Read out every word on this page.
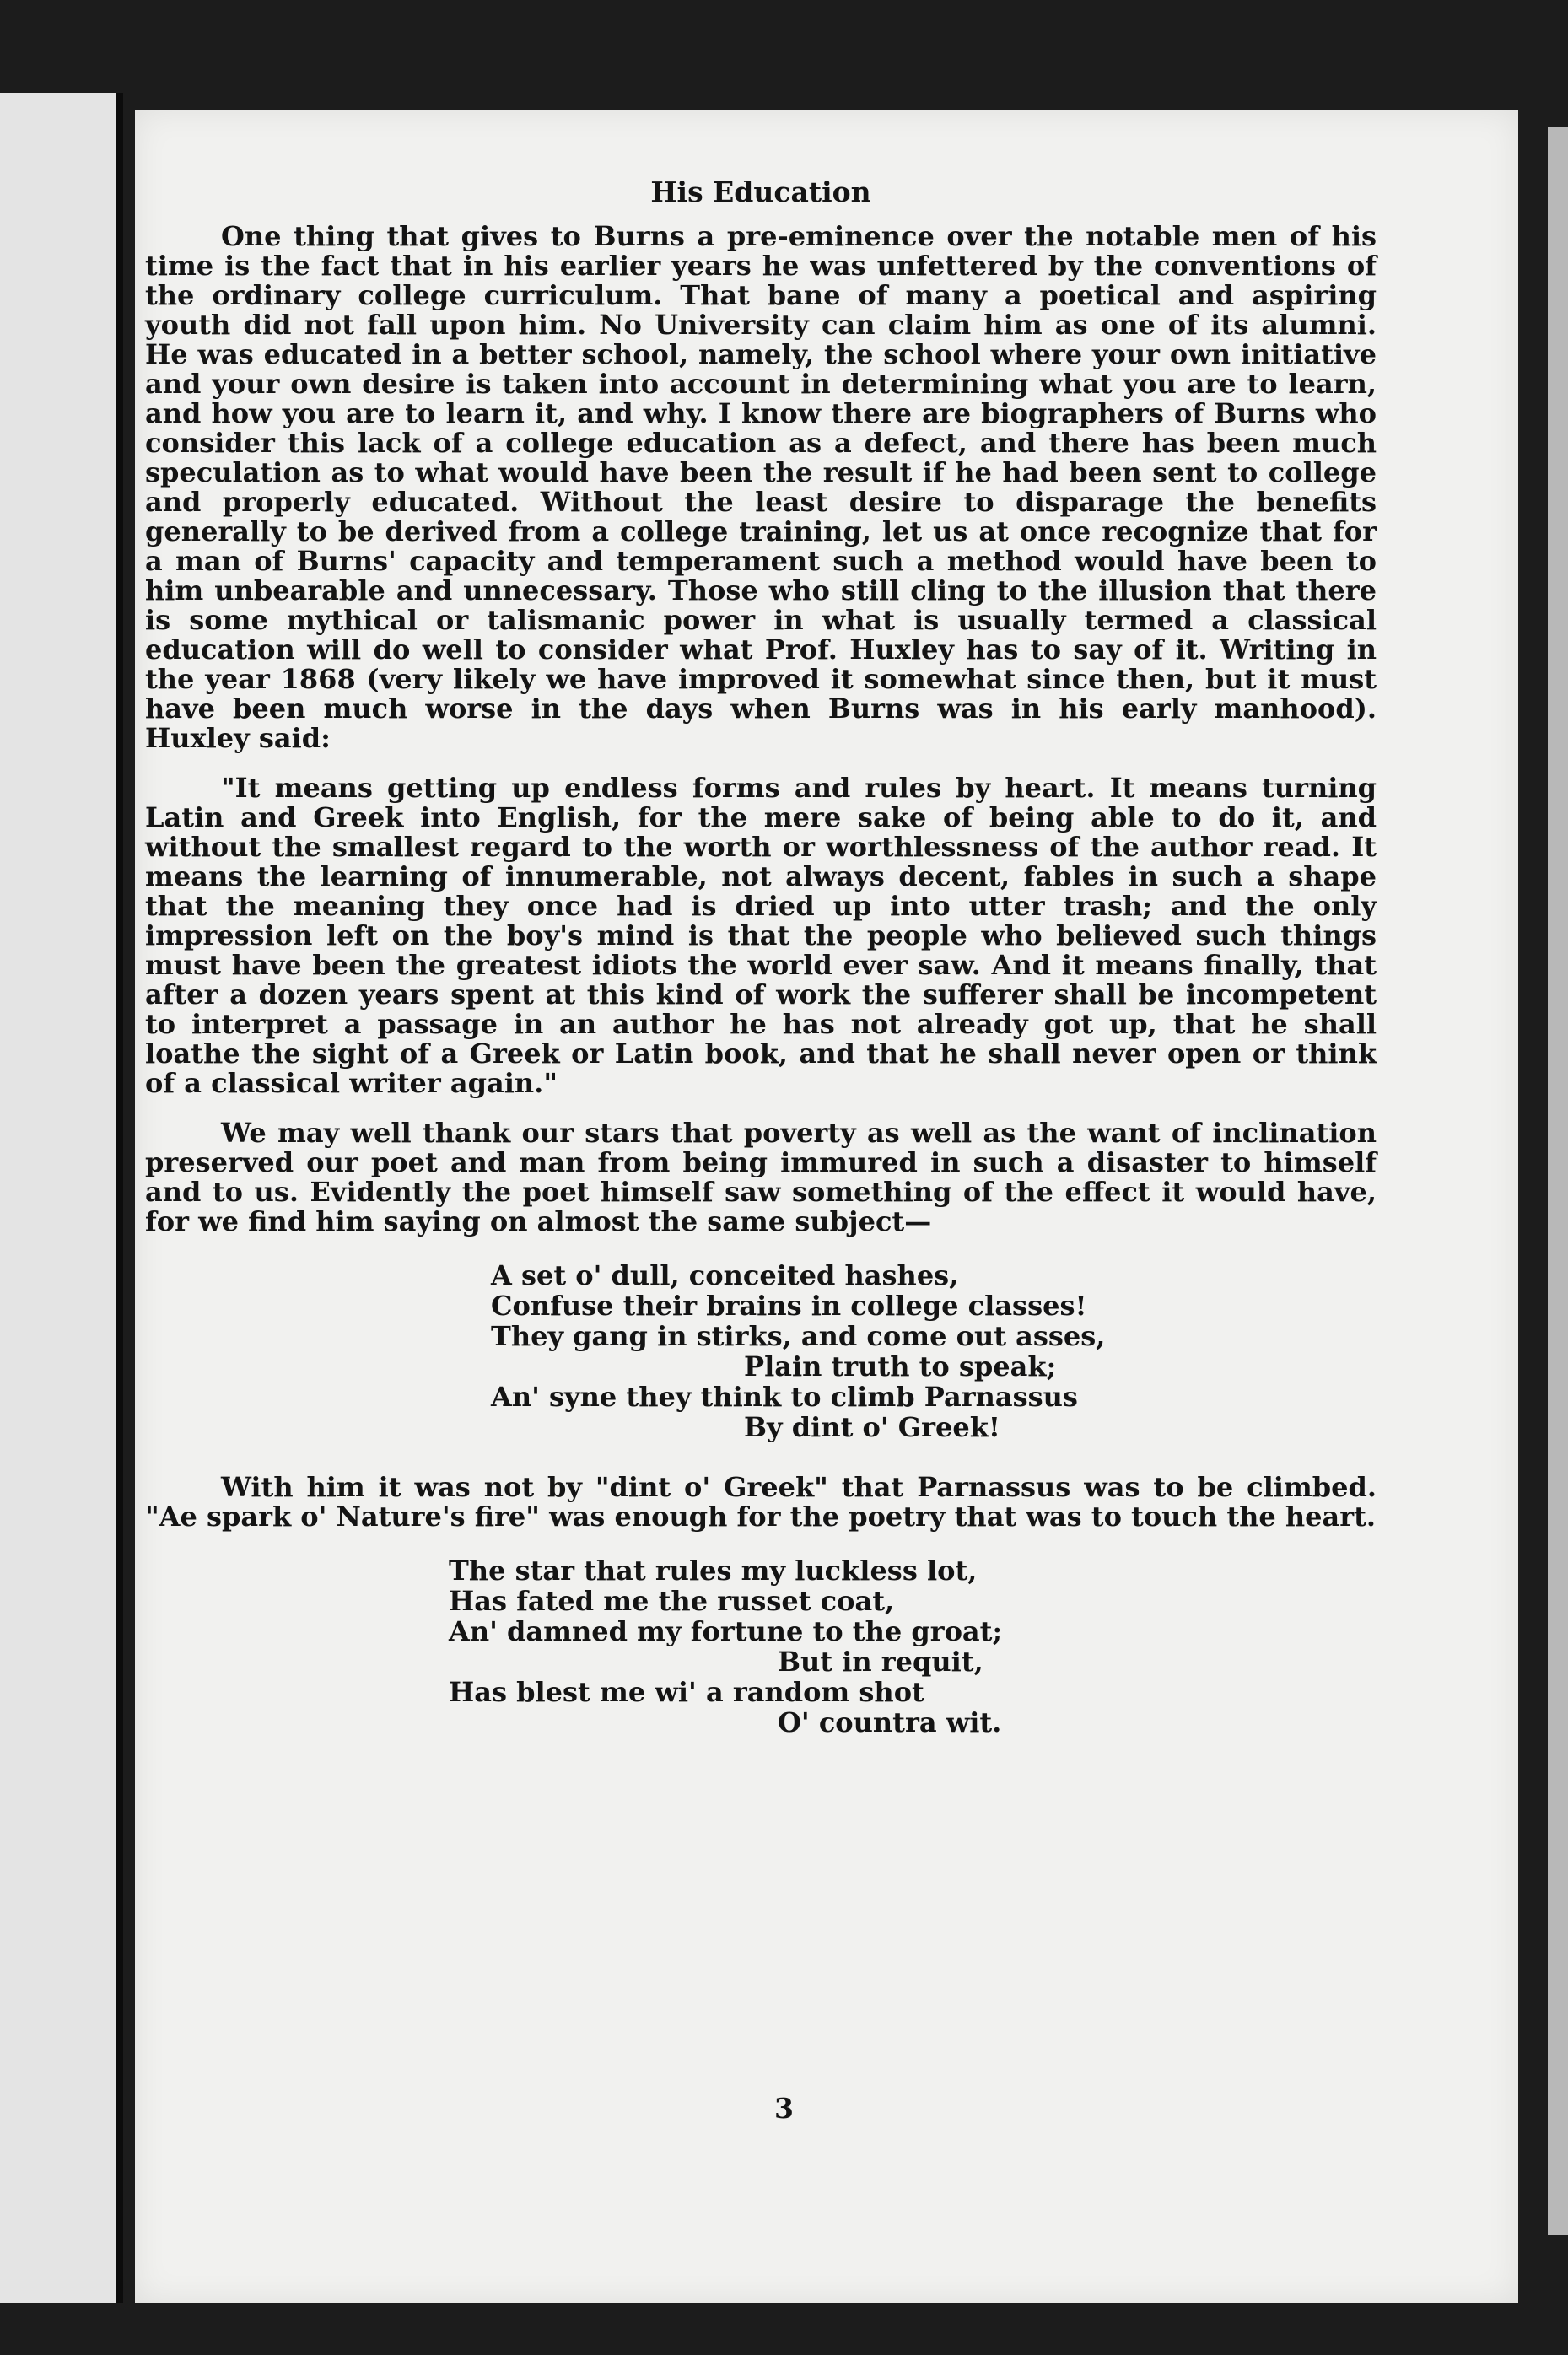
His Education

One thing that gives to Burns a pre-eminence over the notable men of his time is the fact that in his earlier years he was unfettered by the conventions of the ordinary college curriculum. That bane of many a poetical and aspiring youth did not fall upon him. No University can claim him as one of its alumni. He was educated in a better school, namely, the school where your own initiative and your own desire is taken into account in determining what you are to learn, and how you are to learn it, and why. I know there are biographers of Burns who consider this lack of a college education as a defect, and there has been much speculation as to what would have been the result if he had been sent to college and properly educated. Without the least desire to disparage the benefits generally to be derived from a college training, let us at once recognize that for a man of Burns' capacity and temperament such a method would have been to him unbearable and unnecessary. Those who still cling to the illusion that there is some mythical or talismanic power in what is usually termed a classical education will do well to consider what Prof. Huxley has to say of it. Writing in the year 1868 (very likely we have improved it somewhat since then, but it must have been much worse in the days when Burns was in his early manhood). Huxley said:

"It means getting up endless forms and rules by heart. It means turning Latin and Greek into English, for the mere sake of being able to do it, and without the smallest regard to the worth or worthlessness of the author read. It means the learning of innumerable, not always decent, fables in such a shape that the meaning they once had is dried up into utter trash; and the only impression left on the boy's mind is that the people who believed such things must have been the greatest idiots the world ever saw. And it means finally, that after a dozen years spent at this kind of work the sufferer shall be incompetent to interpret a passage in an author he has not already got up, that he shall loathe the sight of a Greek or Latin book, and that he shall never open or think of a classical writer again."

We may well thank our stars that poverty as well as the want of inclination preserved our poet and man from being immured in such a disaster to himself and to us. Evidently the poet himself saw something of the effect it would have, for we find him saying on almost the same subject—

A set o' dull, conceited hashes,
Confuse their brains in college classes!
They gang in stirks, and come out asses,
Plain truth to speak;
An' syne they think to climb Parnassus
By dint o' Greek!

With him it was not by "dint o' Greek" that Parnassus was to be climbed. "Ae spark o' Nature's fire" was enough for the poetry that was to touch the heart.

The star that rules my luckless lot,
Has fated me the russet coat,
An' damned my fortune to the groat;
But in requit,
Has blest me wi' a random shot
O' countra wit.
3
